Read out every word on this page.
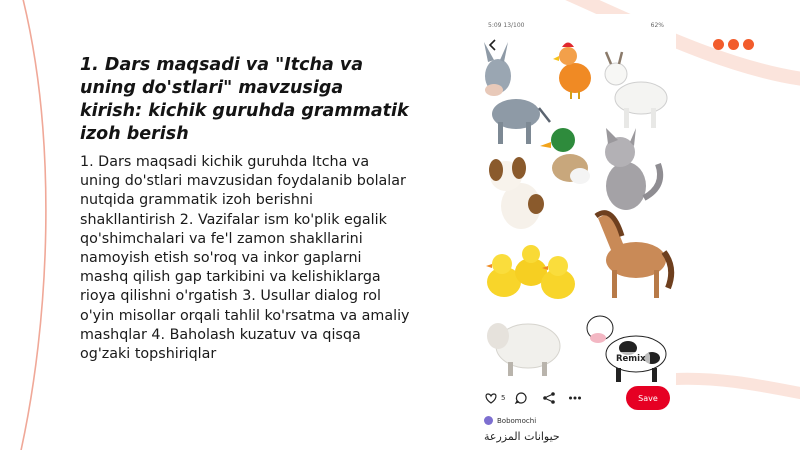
1. Dars maqsadi va "Itcha va uning do'stlari" mavzusiga kirish: kichik guruhda grammatik izoh berish

1. Dars maqsadi kichik guruhda Itcha va uning do'stlari mavzusidan foydalanib bolalar nutqida grammatik izoh berishni shakllantirish 2. Vazifalar ism ko'plik egalik qo'shimchalari va fe'l zamon shakllarini namoyish etish so'roq va inkor gaplarni mashq qilish gap tarkibini va kelishiklarga rioya qilishni o'rgatish 3. Usullar dialog rol o'yin misollar orqali tahlil ko'rsatma va amaliy mashqlar 4. Baholash kuzatuv va qisqa og'zaki topshiriqlar

5:09 13/100	62%
Remix
5	Save
Bobomochi
حيوانات المزرعة
